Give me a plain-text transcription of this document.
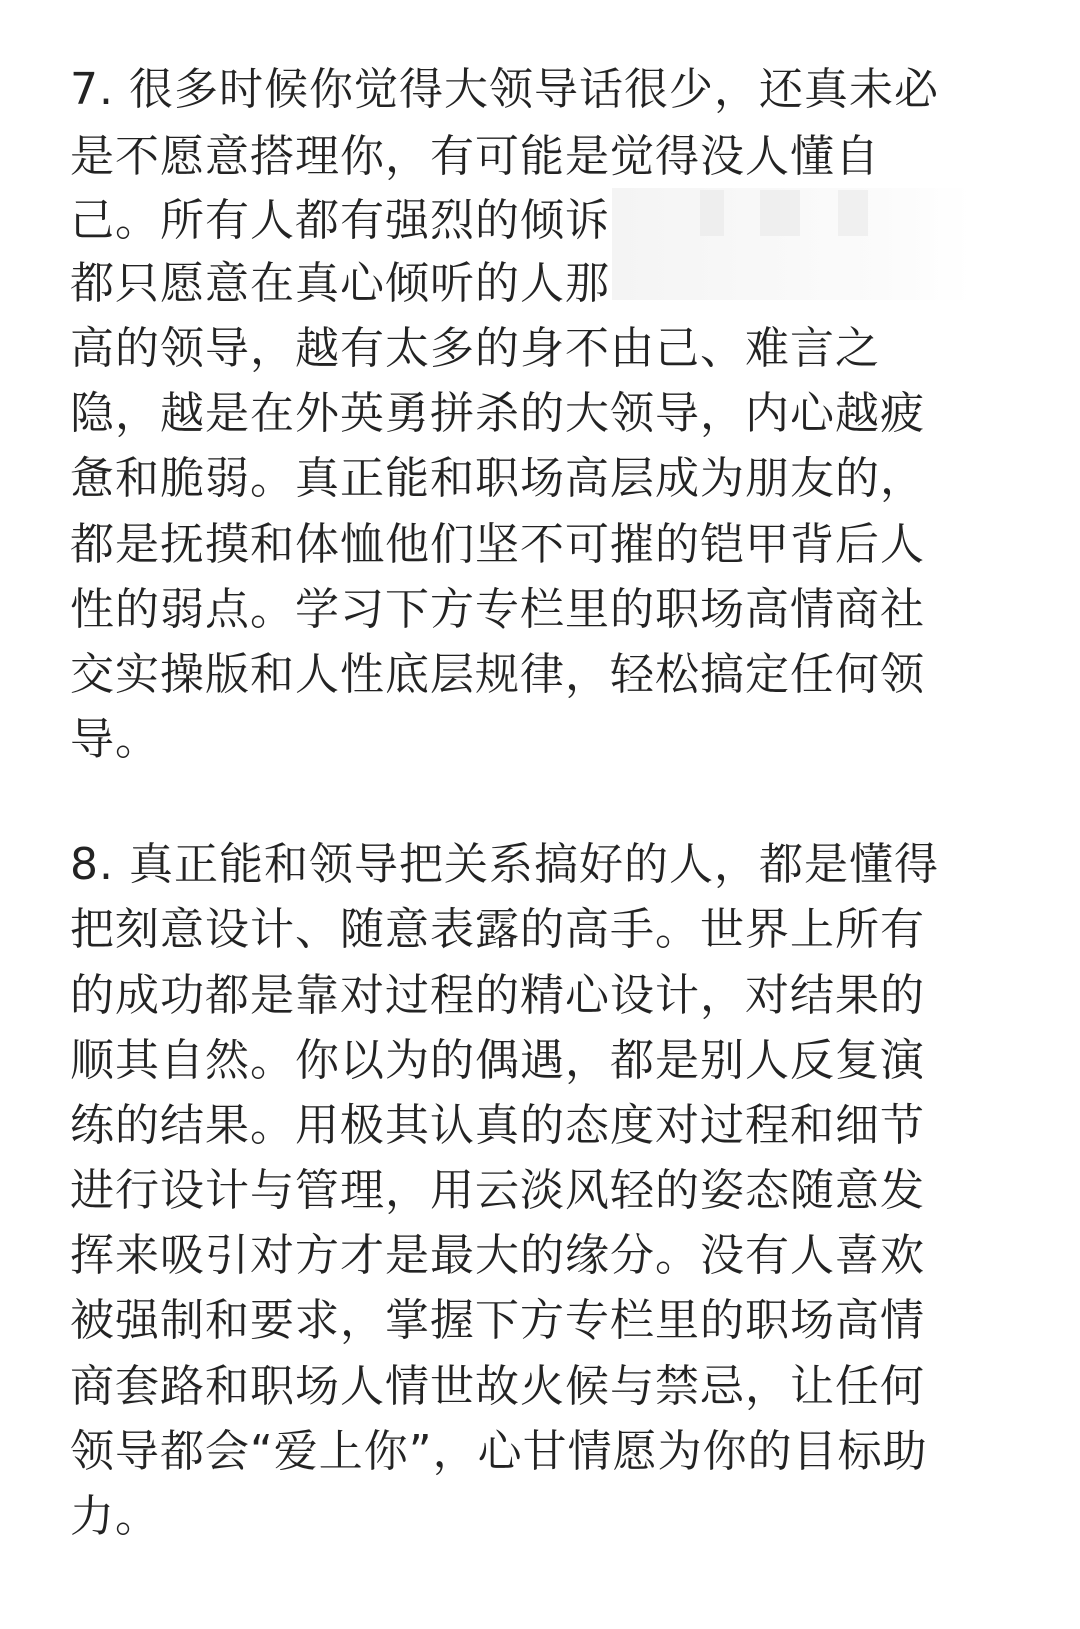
7. 很多时候你觉得大领导话很少，还真未必
是不愿意搭理你，有可能是觉得没人懂自
己。所有人都有强烈的倾诉
都只愿意在真心倾听的人那
高的领导，越有太多的身不由己、难言之
隐，越是在外英勇拼杀的大领导，内心越疲
惫和脆弱。真正能和职场高层成为朋友的，
都是抚摸和体恤他们坚不可摧的铠甲背后人
性的弱点。学习下方专栏里的职场高情商社
交实操版和人性底层规律，轻松搞定任何领
导。
8. 真正能和领导把关系搞好的人，都是懂得
把刻意设计、随意表露的高手。世界上所有
的成功都是靠对过程的精心设计，对结果的
顺其自然。你以为的偶遇，都是别人反复演
练的结果。用极其认真的态度对过程和细节
进行设计与管理，用云淡风轻的姿态随意发
挥来吸引对方才是最大的缘分。没有人喜欢
被强制和要求，掌握下方专栏里的职场高情
商套路和职场人情世故火候与禁忌，让任何
领导都会“爱上你”，心甘情愿为你的目标助
力。
